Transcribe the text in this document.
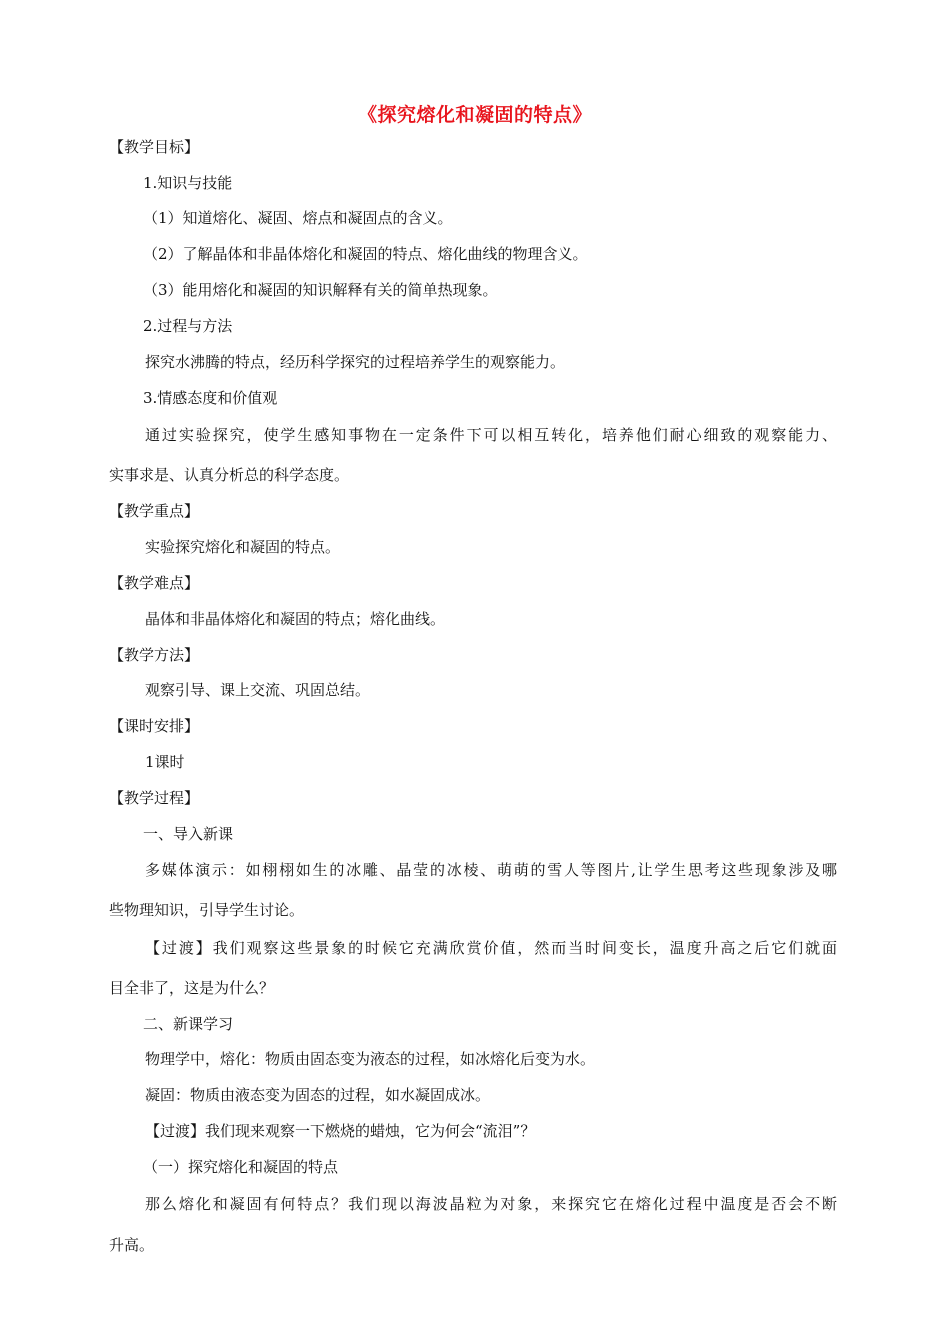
《探究熔化和凝固的特点》
【教学目标】
1.知识与技能
（1）知道熔化、凝固、熔点和凝固点的含义。
（2）了解晶体和非晶体熔化和凝固的特点、熔化曲线的物理含义。
（3）能用熔化和凝固的知识解释有关的简单热现象。
2.过程与方法
探究水沸腾的特点，经历科学探究的过程培养学生的观察能力。
3.情感态度和价值观
通过实验探究，使学生感知事物在一定条件下可以相互转化，培养他们耐心细致的观察能力、
实事求是、认真分析总的科学态度。
【教学重点】
实验探究熔化和凝固的特点。
【教学难点】
晶体和非晶体熔化和凝固的特点；熔化曲线。
【教学方法】
观察引导、课上交流、巩固总结。
【课时安排】
1课时
【教学过程】
一、导入新课
多媒体演示：如栩栩如生的冰雕、晶莹的冰棱、萌萌的雪人等图片,让学生思考这些现象涉及哪
些物理知识，引导学生讨论。
【过渡】我们观察这些景象的时候它充满欣赏价值，然而当时间变长，温度升高之后它们就面
目全非了，这是为什么？
二、新课学习
物理学中，熔化：物质由固态变为液态的过程，如冰熔化后变为水。
凝固：物质由液态变为固态的过程，如水凝固成冰。
【过渡】我们现来观察一下燃烧的蜡烛，它为何会“流泪”？
（一）探究熔化和凝固的特点
那么熔化和凝固有何特点？我们现以海波晶粒为对象，来探究它在熔化过程中温度是否会不断
升高。
